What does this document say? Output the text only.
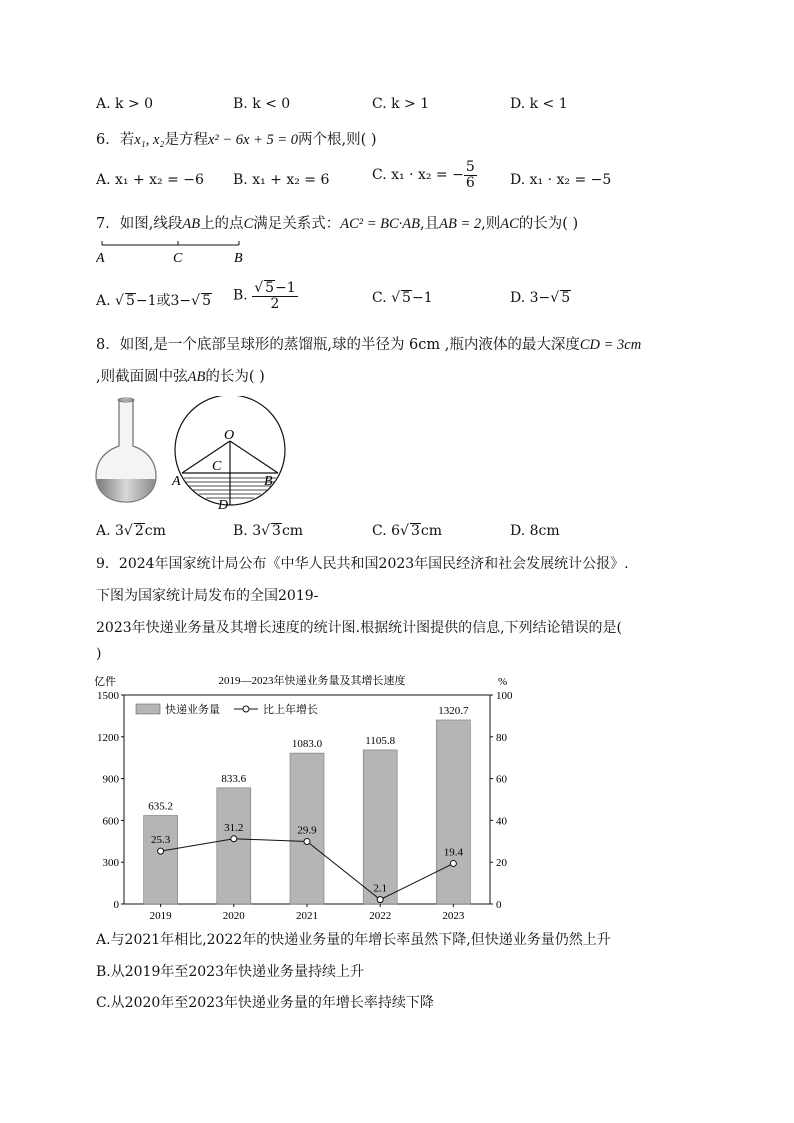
A. k > 0	B. k < 0	C. k > 1	D. k < 1
6．若x₁, x₂是方程x² − 6x + 5 = 0两个根,则( )
A. x₁ + x₂ = −6 B. x₁ + x₂ = 6	C. x₁ · x₂ = − $\frac{5}{6} D$. x₁ · x₂ = −5
7．如图,线段AB上的点C满足关系式：AC² = BC·AB,且AB = 2,则AC的长为( )
A	C	B
A. √ 5−1或3−√ 5 B. $\frac{√ 5-1}{2}$	C. √ 5−1	D. 3−√ 5
8．如图,是一个底部呈球形的蒸馏瓶,球的半径为 6cm ,瓶内液体的最大深度CD = 3cm
,则截面圆中弦AB的长为( )
O
C
A	B
D
A. 3√ 2cm	B. 3√ 3cm	C. 6√ 3cm	D. 8cm
9．2024年国家统计局公布《中华人民共和国2023年国民经济和社会发展统计公报》.
下图为国家统计局发布的全国2019-
2023年快递业务量及其增长速度的统计图.根据统计图提供的信息,下列结论错误的是(
)
2019—2023年快递业务量及其增长速度
亿件	%
快递业务量	比上年增长
0
300
600
900
1200
1500
0
20
40
60
80
100
635.2
2019
833.6
2020
1083.0
2021
1105.8
2022
1320.7
2023
25.3
31.2	29.9
2.1
19.4
A.与2021年相比,2022年的快递业务量的年增长率虽然下降,但快递业务量仍然上升
B.从2019年至2023年快递业务量持续上升
C.从2020年至2023年快递业务量的年增长率持续下降
